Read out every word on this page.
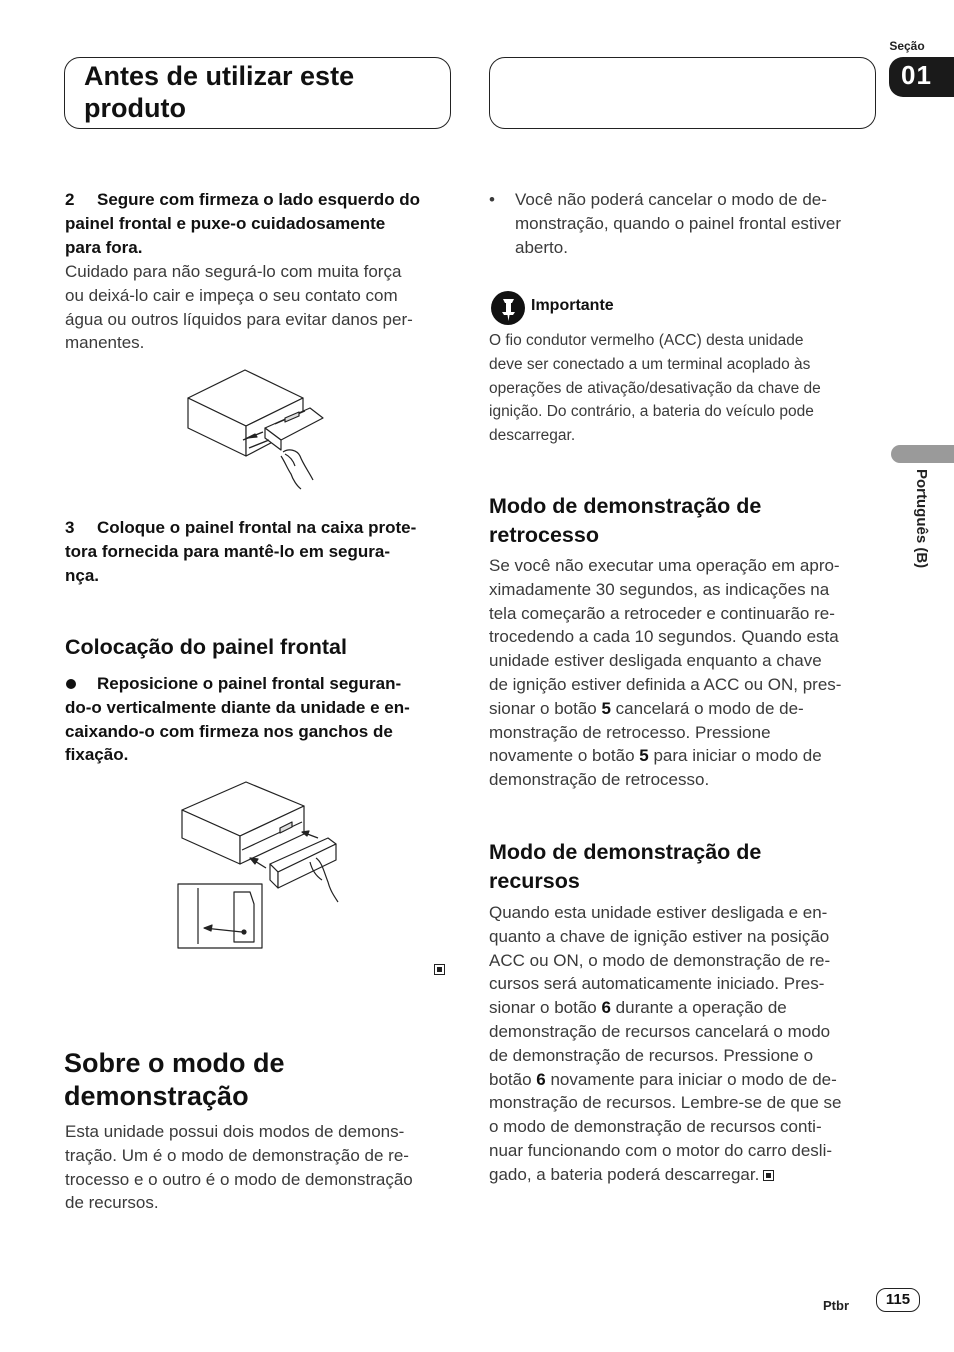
Antes de utilizar este
produto
Seção
01
Português (B)
2 Segure com firmeza o lado esquerdo do
painel frontal e puxe-o cuidadosamente
para fora.
Cuidado para não segurá-lo com muita força
ou deixá-lo cair e impeça o seu contato com
água ou outros líquidos para evitar danos per-
manentes.
3 Coloque o painel frontal na caixa prote-
tora fornecida para mantê-lo em segura-
nça.
Colocação do painel frontal
Reposicione o painel frontal seguran-
do-o verticalmente diante da unidade e en-
caixando-o com firmeza nos ganchos de
fixação.
Sobre o modo de
demonstração
Esta unidade possui dois modos de demons-
tração. Um é o modo de demonstração de re-
trocesso e o outro é o modo de demonstração
de recursos.
• Você não poderá cancelar o modo de de-
monstração, quando o painel frontal estiver
aberto.
Importante
O fio condutor vermelho (ACC) desta unidade
deve ser conectado a um terminal acoplado às
operações de ativação/desativação da chave de
ignição. Do contrário, a bateria do veículo pode
descarregar.
Modo de demonstração de
retrocesso
Se você não executar uma operação em apro-
ximadamente 30 segundos, as indicações na
tela começarão a retroceder e continuarão re-
trocedendo a cada 10 segundos. Quando esta
unidade estiver desligada enquanto a chave
de ignição estiver definida a ACC ou ON, pres-
sionar o botão 5 cancelará o modo de de-
monstração de retrocesso. Pressione
novamente o botão 5 para iniciar o modo de
demonstração de retrocesso.
Modo de demonstração de
recursos
Quando esta unidade estiver desligada e en-
quanto a chave de ignição estiver na posição
ACC ou ON, o modo de demonstração de re-
cursos será automaticamente iniciado. Pres-
sionar o botão 6 durante a operação de
demonstração de recursos cancelará o modo
de demonstração de recursos. Pressione o
botão 6 novamente para iniciar o modo de de-
monstração de recursos. Lembre-se de que se
o modo de demonstração de recursos conti-
nuar funcionando com o motor do carro desli-
gado, a bateria poderá descarregar.
Ptbr	115
